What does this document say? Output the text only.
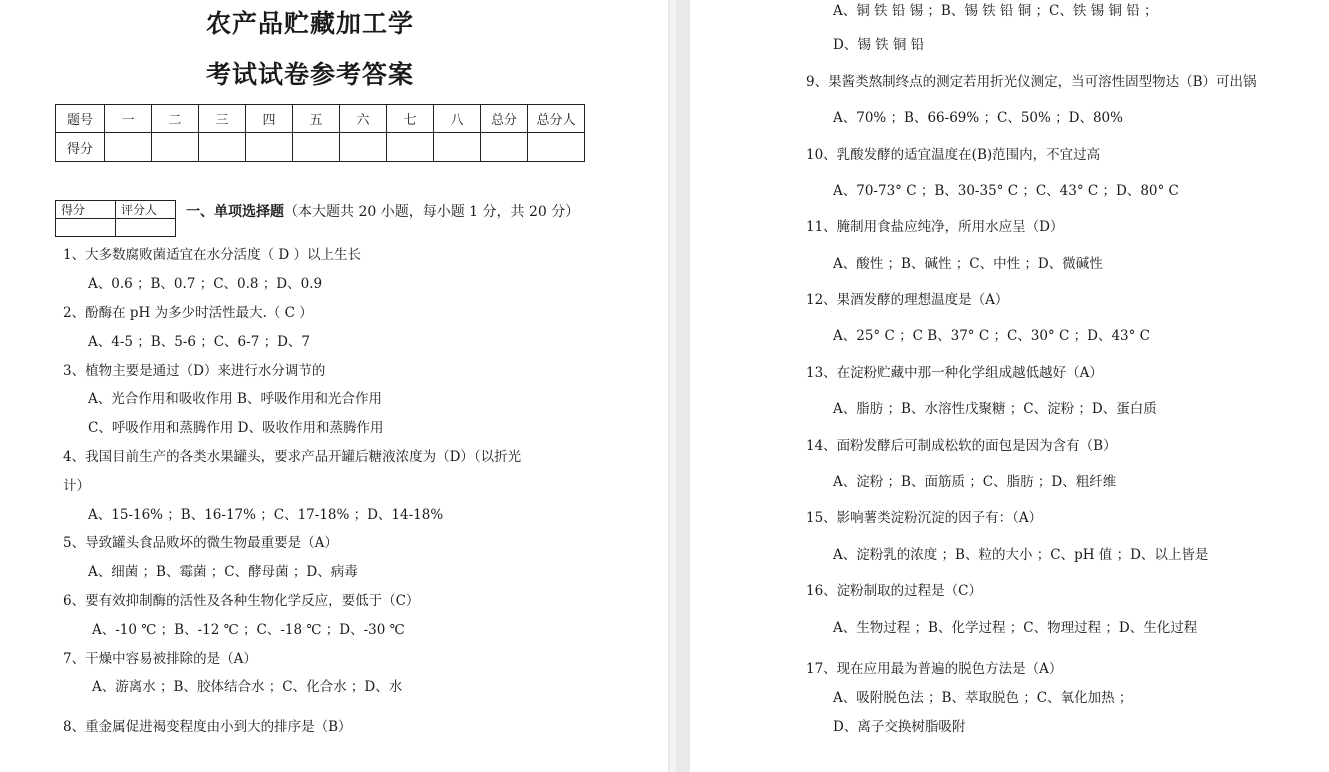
农产品贮藏加工学
考试试卷参考答案
题号	一	二	三	四	五	六	七	八	总分	总分人
得分										
得分	评分人
	一、单项选择题（本大题共 20 小题，每小题 1 分，共 20 分）
1、大多数腐败菌适宜在水分活度（ D ）以上生长
A、0.6 ；B、0.7 ；C、0.8 ；D、0.9
2、酚酶在 pH 为多少时活性最大.（ C ）
A、4-5 ；B、5-6 ；C、6-7 ；D、7
3、植物主要是通过（D）来进行水分调节的
A、光合作用和吸收作用 B、呼吸作用和光合作用
C、呼吸作用和蒸腾作用 D、吸收作用和蒸腾作用
4、我国目前生产的各类水果罐头，要求产品开罐后糖液浓度为（D）（以折光
计）
A、15-16% ；B、16-17% ；C、17-18% ；D、14-18%
5、导致罐头食品败坏的微生物最重要是（A）
A、细菌 ；B、霉菌 ；C、酵母菌 ；D、病毒
6、要有效抑制酶的活性及各种生物化学反应，要低于（C）
A、-10 ℃ ；B、-12 ℃ ；C、-18 ℃ ；D、-30 ℃
7、干燥中容易被排除的是（A）
A、游离水 ；B、胶体结合水 ；C、化合水 ；D、水
8、重金属促进褐变程度由小到大的排序是（B）
A、铜 铁 铅 锡 ；B、锡 铁 铅 铜 ；C、铁 锡 铜 铅 ；
D、锡 铁 铜 铅
9、果酱类熬制终点的测定若用折光仪测定，当可溶性固型物达（B）可出锅
A、70% ；B、66-69% ；C、50% ；D、80%
10、乳酸发酵的适宜温度在(B)范围内，不宜过高
A、70-73° C ；B、30-35° C ；C、43° C ；D、80° C
11、腌制用食盐应纯净，所用水应呈（D）
A、酸性 ；B、碱性 ；C、中性 ；D、微碱性
12、果酒发酵的理想温度是（A）
A、25° C ；C B、37° C ；C、30° C ；D、43° C
13、在淀粉贮藏中那一种化学组成越低越好（A）
A、脂肪 ；B、水溶性戊聚糖 ；C、淀粉 ；D、蛋白质
14、面粉发酵后可制成松软的面包是因为含有（B）
A、淀粉 ；B、面筋质 ；C、脂肪 ；D、粗纤维
15、影响薯类淀粉沉淀的因子有：（A）
A、淀粉乳的浓度 ；B、粒的大小 ；C、pH 值 ；D、以上皆是
16、淀粉制取的过程是（C）
A、生物过程 ；B、化学过程 ；C、物理过程 ；D、生化过程
17、现在应用最为普遍的脱色方法是（A）
A、吸附脱色法 ；B、萃取脱色 ；C、氧化加热 ；
D、离子交换树脂吸附
